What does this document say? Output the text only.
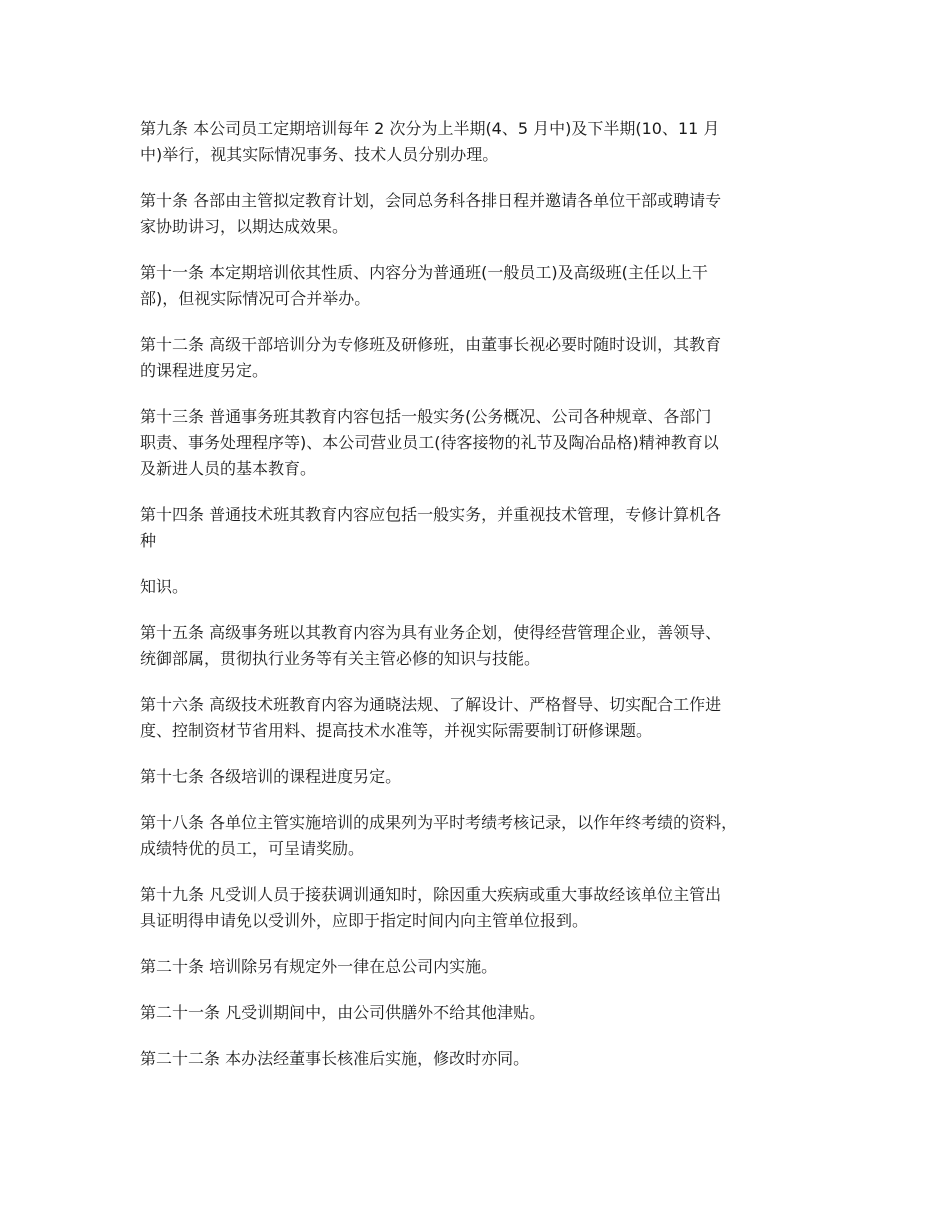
第九条 本公司员工定期培训每年 2 次分为上半期(4、5 月中)及下半期(10、11 月
中)举行，视其实际情况事务、技术人员分别办理。

第十条 各部由主管拟定教育计划，会同总务科各排日程并邀请各单位干部或聘请专
家协助讲习，以期达成效果。

第十一条 本定期培训依其性质、内容分为普通班(一般员工)及高级班(主任以上干
部)，但视实际情况可合并举办。

第十二条 高级干部培训分为专修班及研修班，由董事长视必要时随时设训，其教育
的课程进度另定。

第十三条 普通事务班其教育内容包括一般实务(公务概况、公司各种规章、各部门
职责、事务处理程序等)、本公司营业员工(待客接物的礼节及陶冶品格)精神教育以
及新进人员的基本教育。

第十四条 普通技术班其教育内容应包括一般实务，并重视技术管理，专修计算机各
种

知识。

第十五条 高级事务班以其教育内容为具有业务企划，使得经营管理企业，善领导、
统御部属，贯彻执行业务等有关主管必修的知识与技能。

第十六条 高级技术班教育内容为通晓法规、了解设计、严格督导、切实配合工作进
度、控制资材节省用料、提高技术水准等，并视实际需要制订研修课题。

第十七条 各级培训的课程进度另定。

第十八条 各单位主管实施培训的成果列为平时考绩考核记录，以作年终考绩的资料，
成绩特优的员工，可呈请奖励。

第十九条 凡受训人员于接获调训通知时，除因重大疾病或重大事故经该单位主管出
具证明得申请免以受训外，应即于指定时间内向主管单位报到。

第二十条 培训除另有规定外一律在总公司内实施。

第二十一条 凡受训期间中，由公司供膳外不给其他津贴。

第二十二条 本办法经董事长核准后实施，修改时亦同。
